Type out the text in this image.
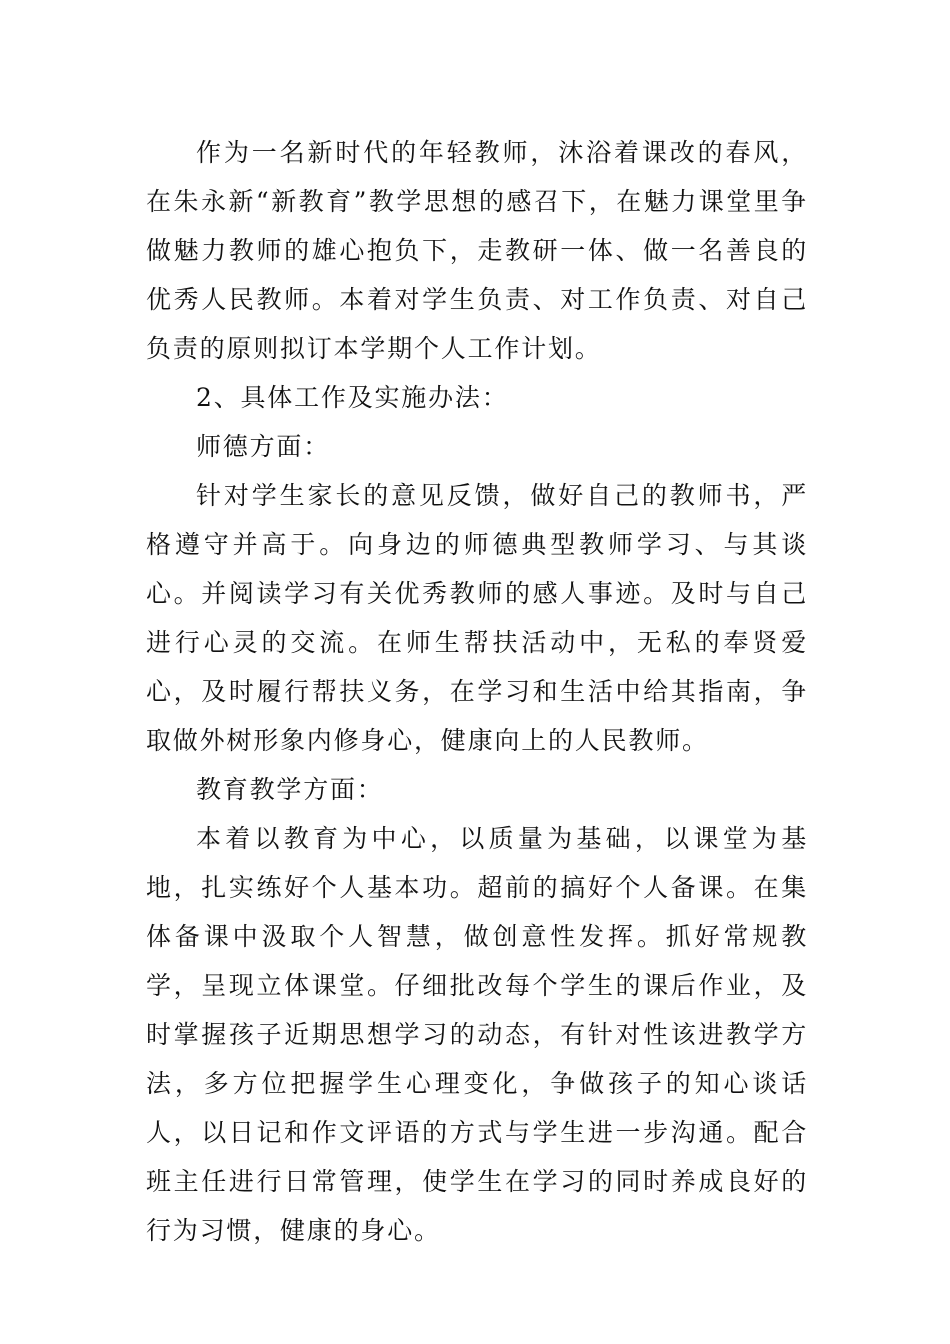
作为一名新时代的年轻教师，沐浴着课改的春风，在朱永新“新教育”教学思想的感召下，在魅力课堂里争做魅力教师的雄心抱负下，走教研一体、做一名善良的优秀人民教师。本着对学生负责、对工作负责、对自己负责的原则拟订本学期个人工作计划。

2、具体工作及实施办法：

师德方面：

针对学生家长的意见反馈，做好自己的教师书，严格遵守并高于。向身边的师德典型教师学习、与其谈心。并阅读学习有关优秀教师的感人事迹。及时与自己进行心灵的交流。在师生帮扶活动中，无私的奉贤爱心，及时履行帮扶义务，在学习和生活中给其指南，争取做外树形象内修身心，健康向上的人民教师。

教育教学方面：

本着以教育为中心，以质量为基础，以课堂为基地，扎实练好个人基本功。超前的搞好个人备课。在集体备课中汲取个人智慧，做创意性发挥。抓好常规教学，呈现立体课堂。仔细批改每个学生的课后作业，及时掌握孩子近期思想学习的动态，有针对性该进教学方法，多方位把握学生心理变化，争做孩子的知心谈话人，以日记和作文评语的方式与学生进一步沟通。配合班主任进行日常管理，使学生在学习的同时养成良好的行为习惯，健康的身心。
